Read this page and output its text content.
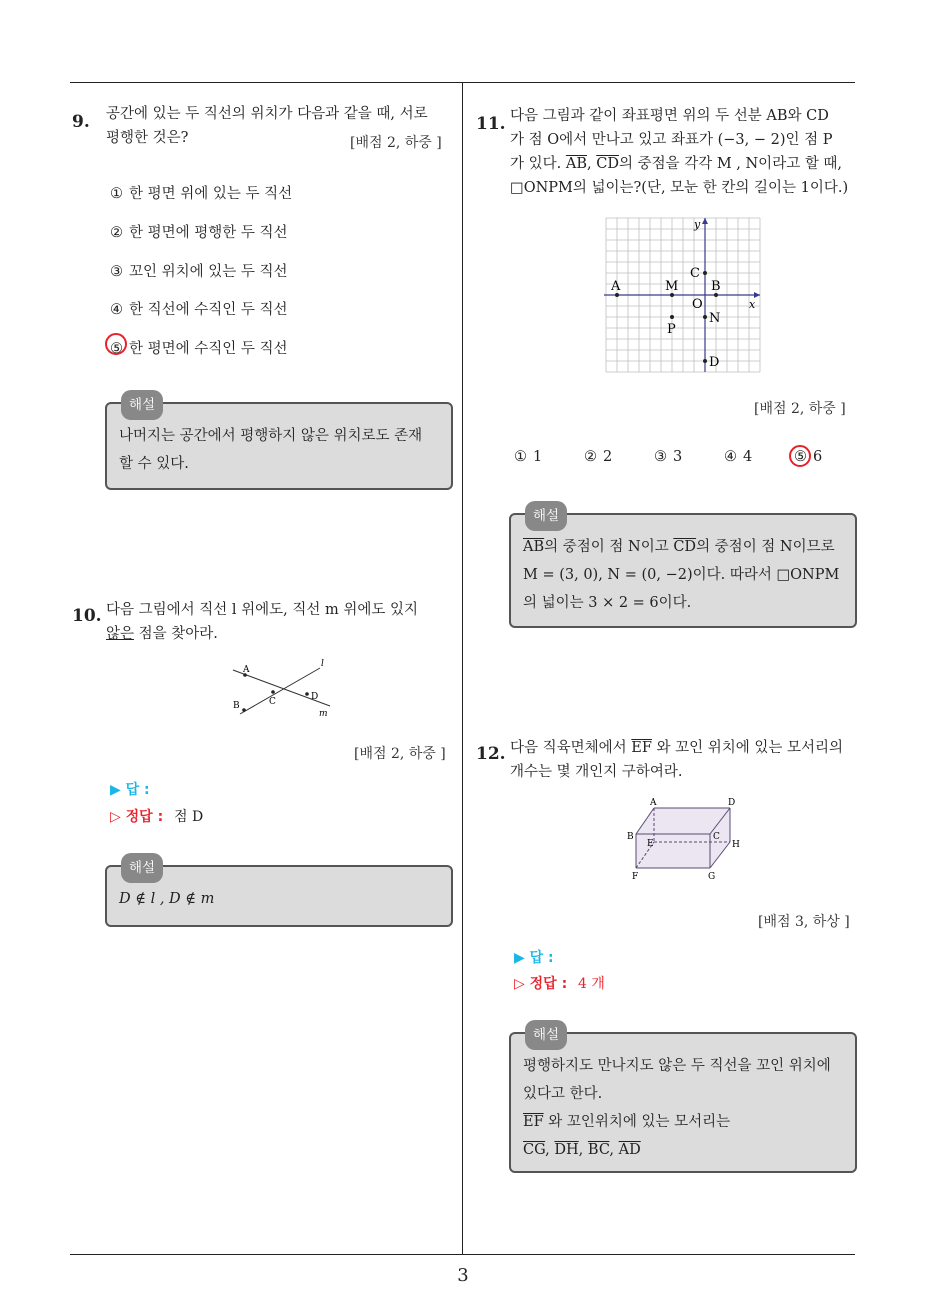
3
9. 공간에 있는 두 직선의 위치가 다음과 같을 때, 서로
평행한 것은?	[배점 2, 하중 ]
① 한 평면 위에 있는 두 직선
② 한 평면에 평행한 두 직선
③ 꼬인 위치에 있는 두 직선
④ 한 직선에 수직인 두 직선
⑤ 한 평면에 수직인 두 직선
해설
나머지는 공간에서 평행하지 않은 위치로도 존재
할 수 있다.
10. 다음 그림에서 직선 l 위에도, 직선 m 위에도 있지
않은 점을 찾아라.
A
B	C	D
l
m
[배점 2, 하중 ]
▶ 답 :
▷ 정답 : 점 D
해설
D ∉ l , D ∉ m
11. 다음 그림과 같이 좌표평면 위의 두 선분 AB와 CD
가 점 O에서 만나고 있고 좌표가 (−3, − 2)인 점 P
가 있다. $\overline{AB}$, $\overline{CD}$의 중점을 각각 M , N이라고 할 때,
□ONPM의 넓이는?(단, 모눈 한 칸의 길이는 1이다.)
y
x
A	M
C
B
O
N
P
D
[배점 2, 하중 ]
① 1	② 2	③ 3	④ 4	⑤ 6
해설
$\overline{AB}$의 중점이 점 N이고 $\overline{CD}$의 중점이 점 N이므로
M = (3, 0), N = (0, −2)이다. 따라서 □ONPM
의 넓이는 3 × 2 = 6이다.
12. 다음 직육면체에서 $\overline{EF}$ 와 꼬인 위치에 있는 모서리의
개수는 몇 개인지 구하여라.
A	D
B	C
E	H
F	G
[배점 3, 하상 ]
▶ 답 :
▷ 정답 : 4 개
해설
평행하지도 만나지도 않은 두 직선을 꼬인 위치에
있다고 한다.
$\overline{EF}$ 와 꼬인위치에 있는 모서리는
$\overline{CG}$, $\overline{DH}$, $\overline{BC}$, $\overline{AD}$
